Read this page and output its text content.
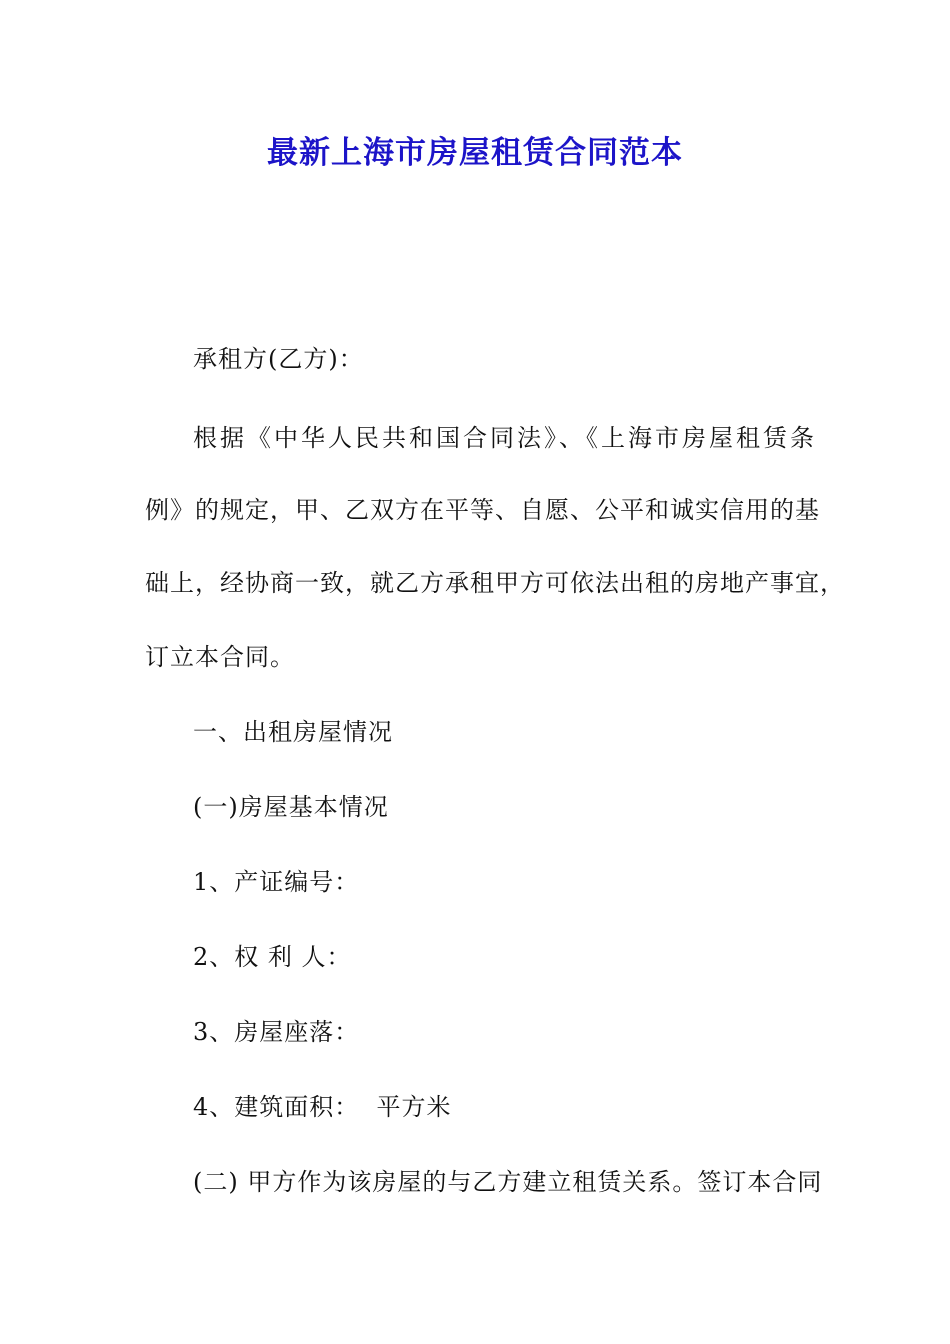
最新上海市房屋租赁合同范本
承租方(乙方)：
根据《中华人民共和国合同法》、《上海市房屋租赁条
例》的规定，甲、乙双方在平等、自愿、公平和诚实信用的基
础上，经协商一致，就乙方承租甲方可依法出租的房地产事宜，
订立本合同。
一、出租房屋情况
(一)房屋基本情况
1、产证编号：
2、权 利 人：
3、房屋座落：
4、建筑面积：  平方米
(二) 甲方作为该房屋的与乙方建立租赁关系。签订本合同
